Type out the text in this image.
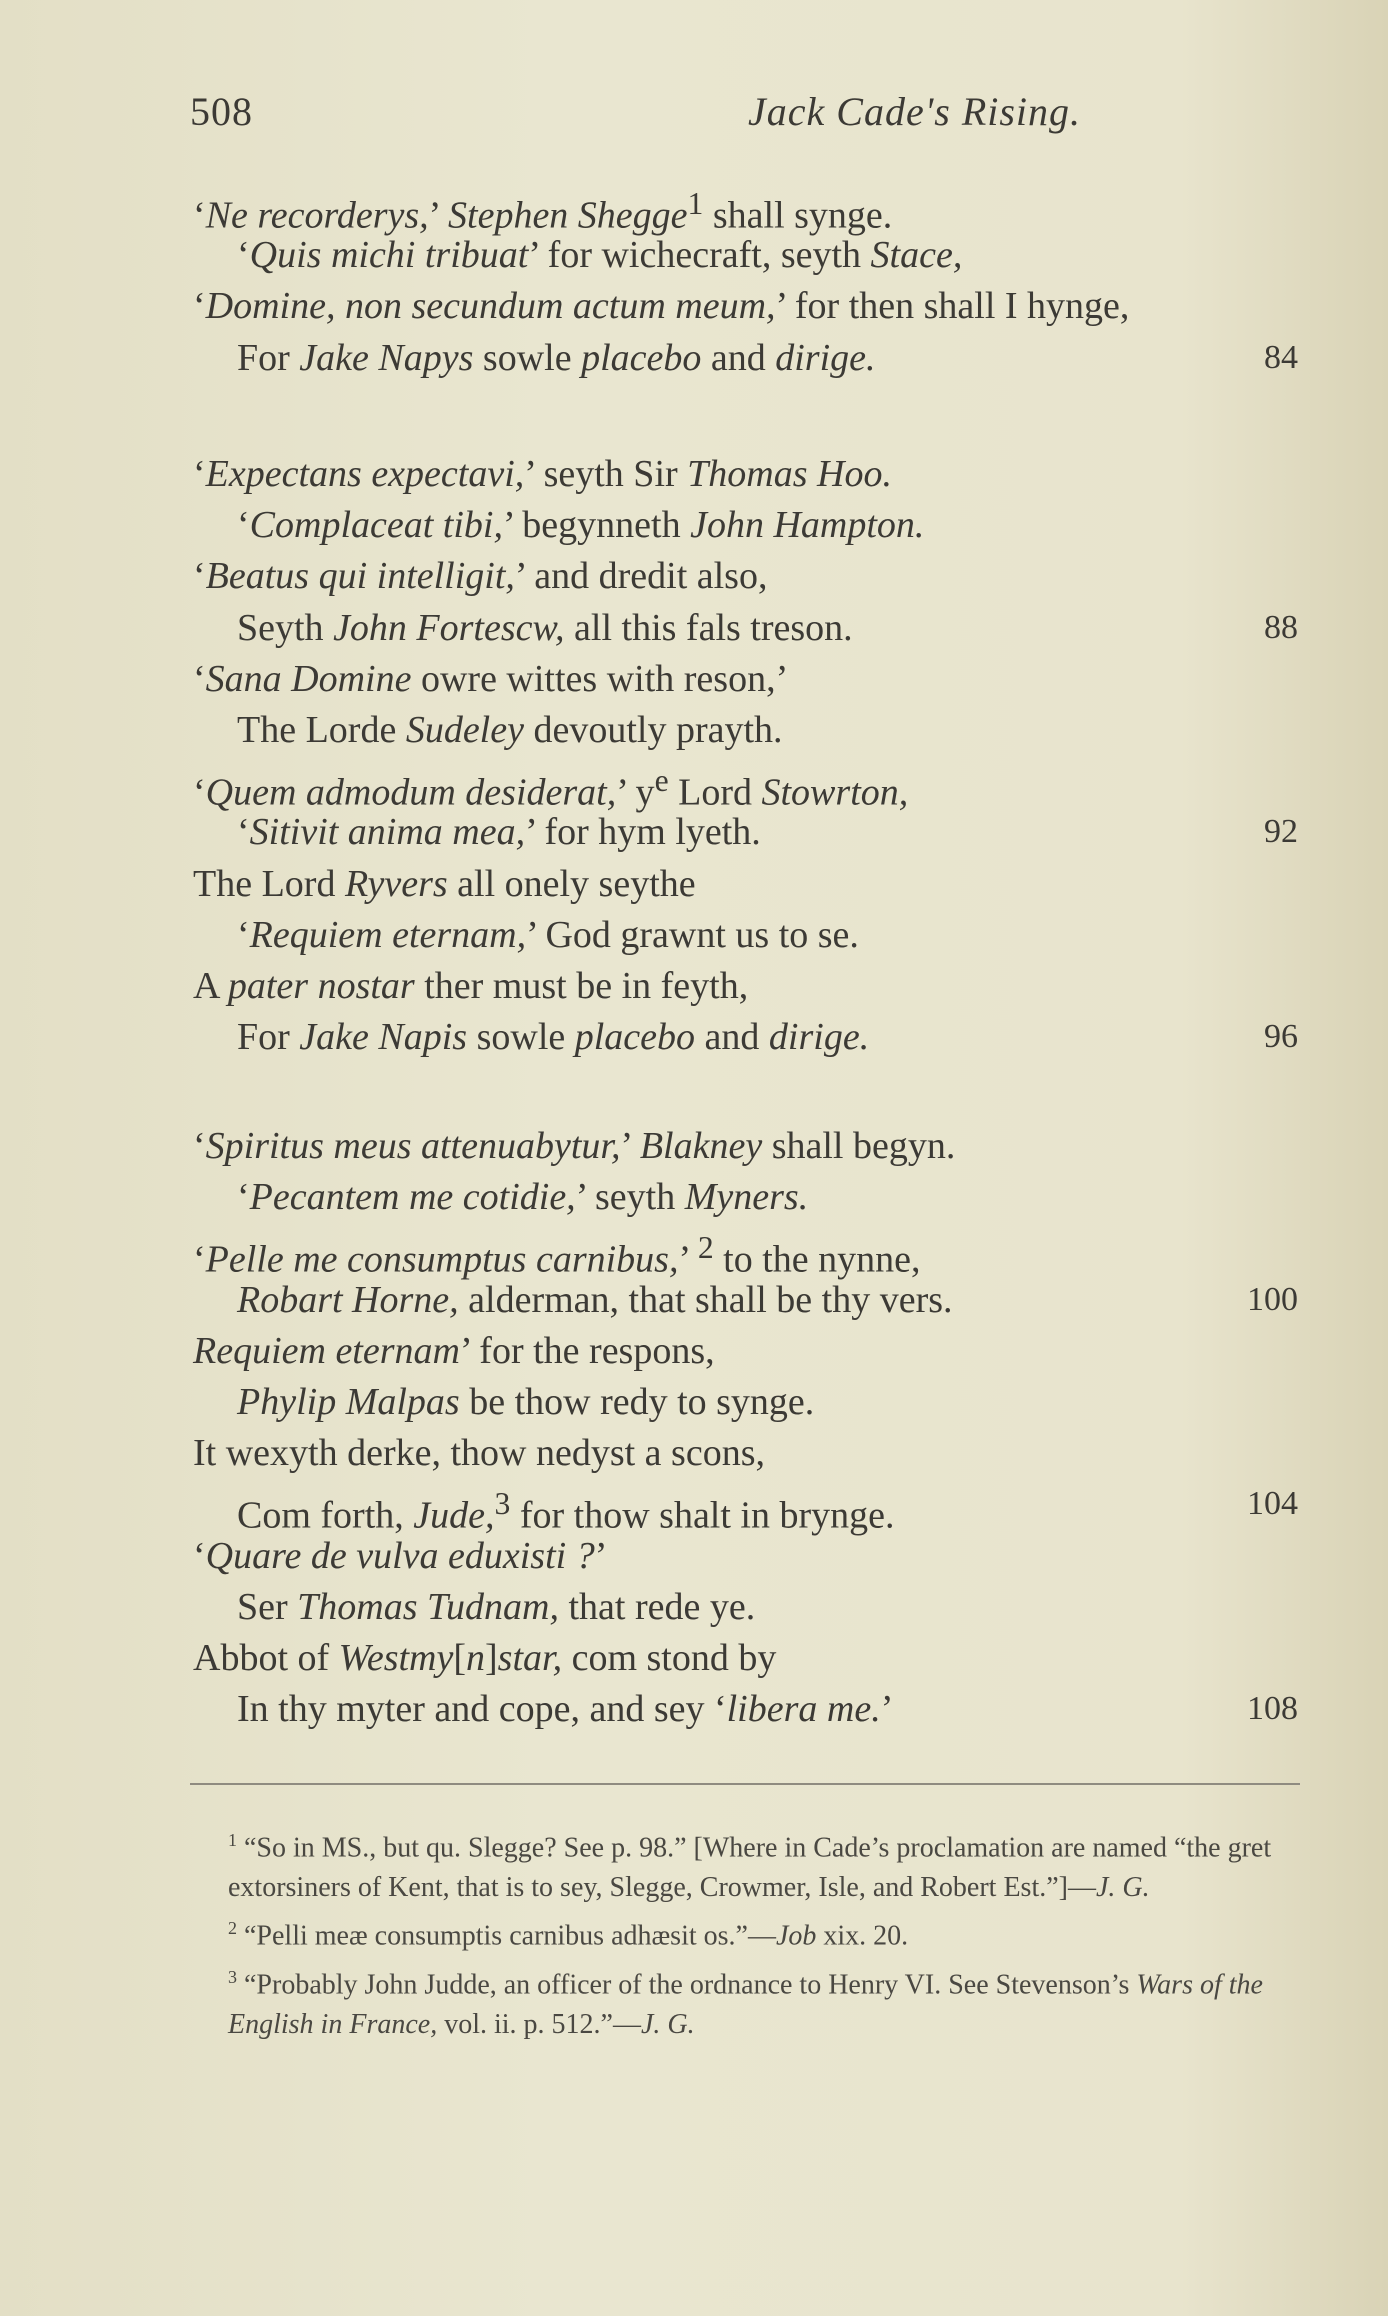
508	Jack Cade's Rising.
‘Ne recorderys,’ Stephen Shegge$^1$ shall synge.
‘Quis michi tribuat’ for wichecraft, seyth Stace,
‘Domine, non secundum actum meum,’ for then shall I hynge,
For Jake Napys sowle placebo and dirige.	84
‘Expectans expectavi,’ seyth Sir Thomas Hoo.
‘Complaceat tibi,’ begynneth John Hampton.
‘Beatus qui intelligit,’ and dredit also,
Seyth John Fortescw, all this fals treson.	88
‘Sana Domine owre wittes with reson,’
The Lorde Sudeley devoutly prayth.
‘Quem admodum desiderat,’ $y^e$ Lord Stowrton,
‘Sitivit anima mea,’ for hym lyeth.	92
The Lord Ryvers all onely seythe
‘Requiem eternam,’ God grawnt us to se.
A pater nostar ther must be in feyth,
For Jake Napis sowle placebo and dirige.	96
‘Spiritus meus attenuabytur,’ Blakney shall begyn.
‘Pecantem me cotidie,’ seyth Myners.
‘Pelle me consumptus carnibus,’ $^2$ to the nynne,
Robart Horne, alderman, that shall be thy vers.	100
Requiem eternam’ for the respons,
Phylip Malpas be thow redy to synge.
It wexyth derke, thow nedyst a scons,
Com forth, Jude,$^3$ for thow shalt in brynge.	104
‘Quare de vulva eduxisti ?’
Ser Thomas Tudnam, that rede ye.
Abbot of Westmy[n]star, com stond by
In thy myter and cope, and sey ‘libera me.’	108

$^1$ “So in MS., but qu. Slegge? See p. 98.” [Where in Cade’s proclamation are named “the gret extorsiners of Kent, that is to sey, Slegge, Crowmer, Isle, and Robert Est.”]—J. G.

$^2$ “Pelli meæ consumptis carnibus adhæsit os.”—Job xix. 20.

$^3$ “Probably John Judde, an officer of the ordnance to Henry VI. See Stevenson’s Wars of the English in France, vol. ii. p. 512.”—J. G.
